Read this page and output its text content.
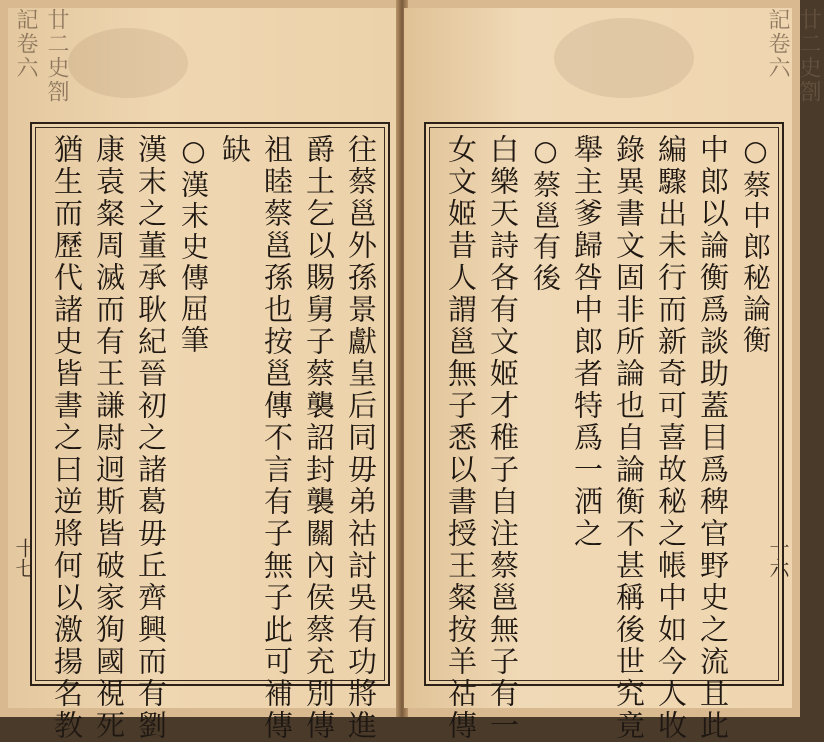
廿二史劄記卷六
十七	往蔡邕外孫景獻皇后同毋弟祜討吳有功將進
爵土乞以賜舅子蔡襲詔封襲關內侯蔡充別傳
祖睦蔡邕孫也按邕傳不言有子無子此可補傳
缺
○漢末史傳屈筆
漢末之董承耿紀晉初之諸葛毋丘齊興而有劉
康袁粲周滅而有王謙尉迥斯皆破家狥國視死
猶生而歷代諸史皆書之曰逆將何以激揚名教
廿二史劄記卷六
十六
○蔡中郎秘論衡
中郎以論衡爲談助蓋目爲稗官野史之流且此
編驟出未行而新奇可喜故秘之帳中如今人收
錄異書文固非所論也自論衡不甚稱後世究竟
舉主爹歸咎中郎者特爲一洒之
○蔡邕有後
白樂天詩各有文姬才稚子自注蔡邕無子有一
女文姬昔人謂邕無子悉以書授王粲按羊祜傳
